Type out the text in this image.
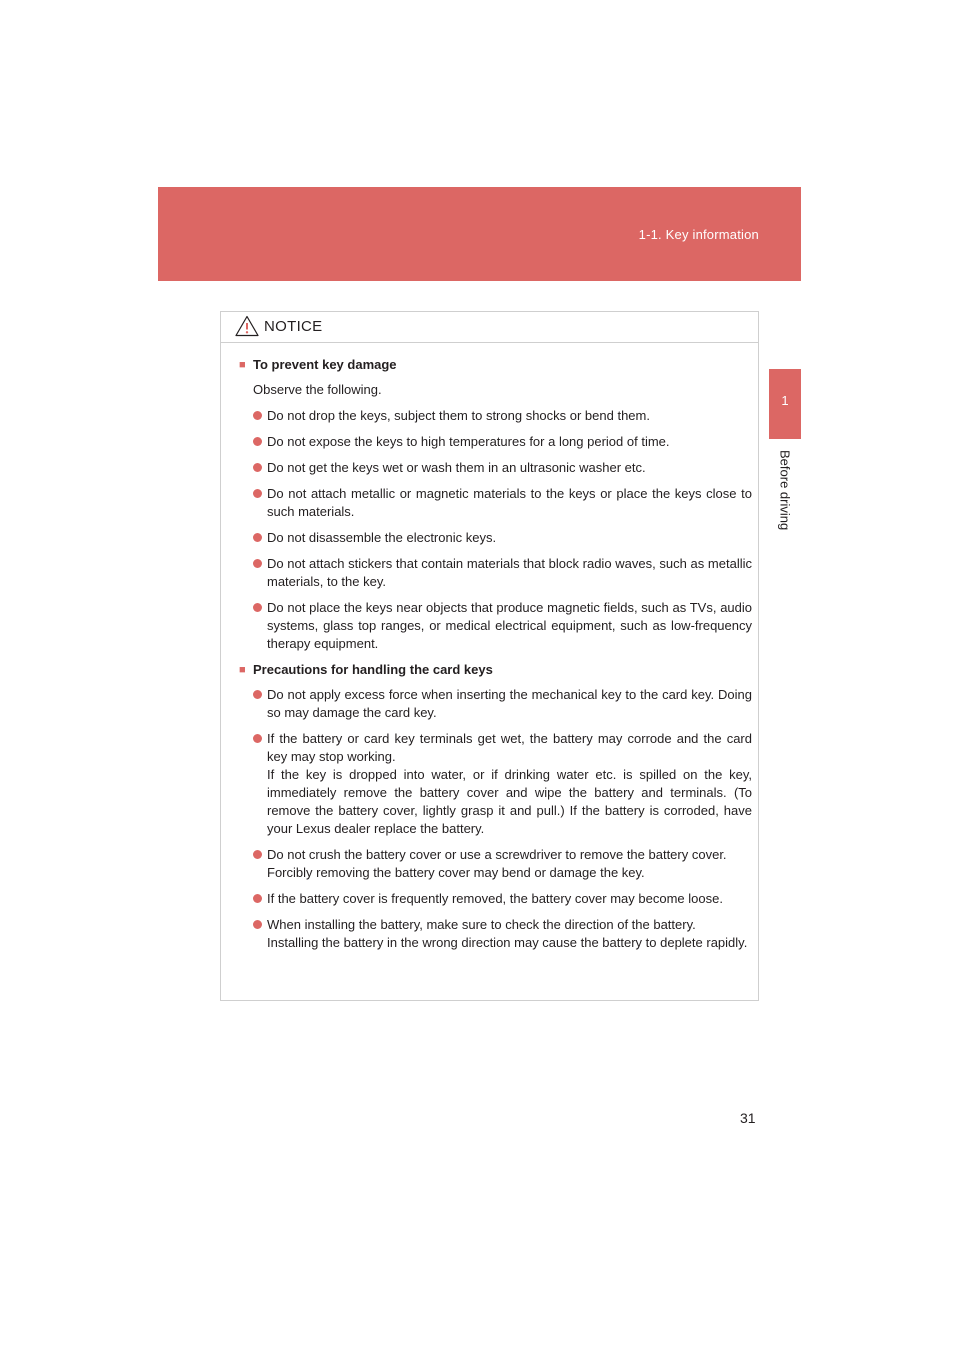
1-1. Key information
1
Before driving
NOTICE
■ To prevent key damage
Observe the following.
Do not drop the keys, subject them to strong shocks or bend them.
Do not expose the keys to high temperatures for a long period of time.
Do not get the keys wet or wash them in an ultrasonic washer etc.
Do not attach metallic or magnetic materials to the keys or place the keys close to such materials.
Do not disassemble the electronic keys.
Do not attach stickers that contain materials that block radio waves, such as metallic materials, to the key.
Do not place the keys near objects that produce magnetic fields, such as TVs, audio systems, glass top ranges, or medical electrical equipment, such as low-frequency therapy equipment.
■ Precautions for handling the card keys
Do not apply excess force when inserting the mechanical key to the card key. Doing so may damage the card key.
If the battery or card key terminals get wet, the battery may corrode and the card key may stop working.
If the key is dropped into water, or if drinking water etc. is spilled on the key, immediately remove the battery cover and wipe the battery and terminals. (To remove the battery cover, lightly grasp it and pull.) If the battery is corroded, have your Lexus dealer replace the battery.
Do not crush the battery cover or use a screwdriver to remove the battery cover.
Forcibly removing the battery cover may bend or damage the key.
If the battery cover is frequently removed, the battery cover may become loose.
When installing the battery, make sure to check the direction of the battery.
Installing the battery in the wrong direction may cause the battery to deplete rapidly.
31
